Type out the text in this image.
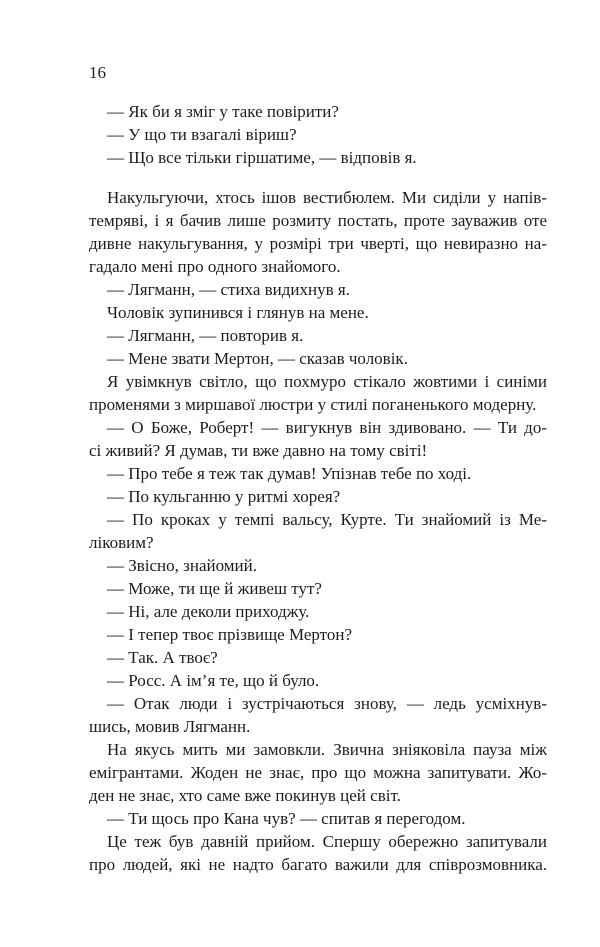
16
— Як би я зміг у таке повірити?
— У що ти взагалі віриш?
— Що все тільки гіршатиме, — відповів я.
Накульгуючи, хтось ішов вестибюлем. Ми сиділи у напів-
темряві, і я бачив лише розмиту постать, проте зауважив оте
дивне накульгування, у розмірі три чверті, що невиразно на-
гадало мені про одного знайомого.
— Лягманн, — стиха видихнув я.
Чоловік зупинився і глянув на мене.
— Лягманн, — повторив я.
— Мене звати Мертон, — сказав чоловік.
Я увімкнув світло, що похмуро стікало жовтими і синіми
променями з миршавої люстри у стилі поганенького модерну.
— О Боже, Роберт! — вигукнув він здивовано. — Ти до-
сі живий? Я думав, ти вже давно на тому світі!
— Про тебе я теж так думав! Упізнав тебе по ході.
— По кульганню у ритмі хорея?
— По кроках у темпі вальсу, Курте. Ти знайомий із Ме-
ліковим?
— Звісно, знайомий.
— Може, ти ще й живеш тут?
— Ні, але деколи приходжу.
— І тепер твоє прізвище Мертон?
— Так. А твоє?
— Росс. А ім’я те, що й було.
— Отак люди і зустрічаються знову, — ледь усміхнув-
шись, мовив Лягманн.
На якусь мить ми замовкли. Звична зніяковіла пауза між
емігрантами. Жоден не знає, про що можна запитувати. Жо-
ден не знає, хто саме вже покинув цей світ.
— Ти щось про Кана чув? — спитав я перегодом.
Це теж був давній прийом. Спершу обережно запитували
про людей, які не надто багато важили для співрозмовника.
